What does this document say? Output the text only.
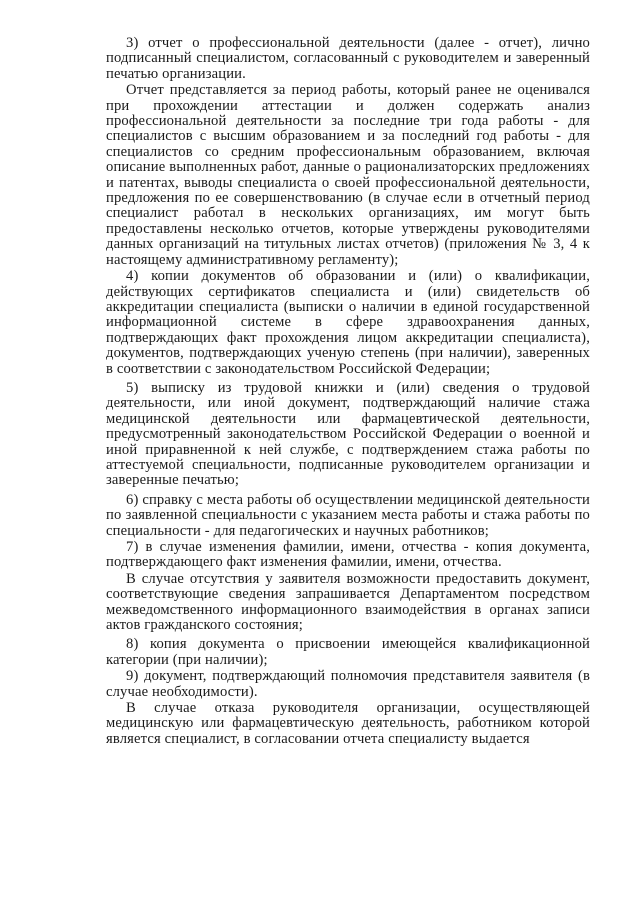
3) отчет о профессиональной деятельности (далее - отчет), лично подписанный специалистом, согласованный с руководителем и заверенный печатью организации.

Отчет представляется за период работы, который ранее не оценивался при прохождении аттестации и должен содержать анализ профессиональной деятельности за последние три года работы - для специалистов с высшим образованием и за последний год работы - для специалистов со средним профессиональным образованием, включая описание выполненных работ, данные о рационализаторских предложениях и патентах, выводы специалиста о своей профессиональной деятельности, предложения по ее совершенствованию (в случае если в отчетный период специалист работал в нескольких организациях, им могут быть предоставлены несколько отчетов, которые утверждены руководителями данных организаций на титульных листах отчетов) (приложения № 3, 4 к настоящему административному регламенту);

4) копии документов об образовании и (или) о квалификации, действующих сертификатов специалиста и (или) свидетельств об аккредитации специалиста (выписки о наличии в единой государственной информационной системе в сфере здравоохранения данных, подтверждающих факт прохождения лицом аккредитации специалиста), документов, подтверждающих ученую степень (при наличии), заверенных в соответствии с законодательством Российской Федерации;

5) выписку из трудовой книжки и (или) сведения о трудовой деятельности, или иной документ, подтверждающий наличие стажа медицинской деятельности или фармацевтической деятельности, предусмотренный законодательством Российской Федерации о военной и иной приравненной к ней службе, с подтверждением стажа работы по аттестуемой специальности, подписанные руководителем организации и заверенные печатью;

6) справку с места работы об осуществлении медицинской деятельности по заявленной специальности с указанием места работы и стажа работы по специальности - для педагогических и научных работников;

7) в случае изменения фамилии, имени, отчества - копия документа, подтверждающего факт изменения фамилии, имени, отчества.

В случае отсутствия у заявителя возможности предоставить документ, соответствующие сведения запрашивается Департаментом посредством межведомственного информационного взаимодействия в органах записи актов гражданского состояния;

8) копия документа о присвоении имеющейся квалификационной категории (при наличии);

9) документ, подтверждающий полномочия представителя заявителя (в случае необходимости).

В случае отказа руководителя организации, осуществляющей медицинскую или фармацевтическую деятельность, работником которой является специалист, в согласовании отчета специалисту выдается
